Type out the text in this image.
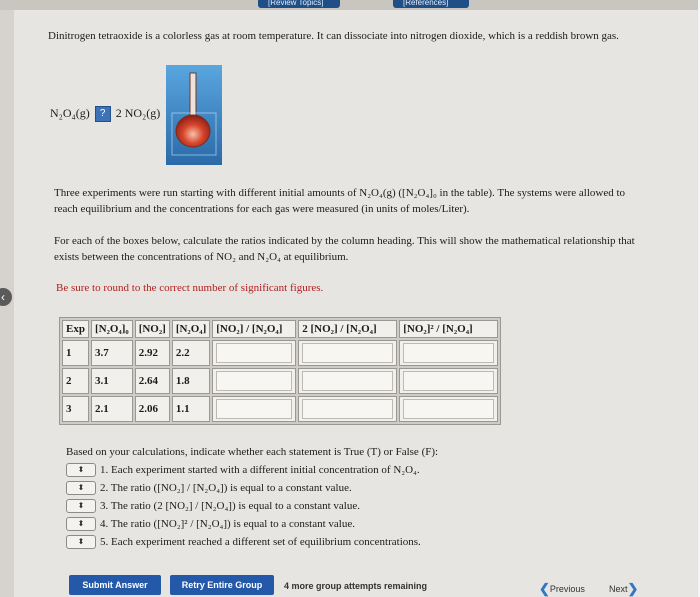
[Review Topics]	[References]
Dinitrogen tetraoxide is a colorless gas at room temperature. It can dissociate into nitrogen dioxide, which is a reddish brown gas.
N₂O₄(g) ? 2 NO₂(g)
Three experiments were run starting with different initial amounts of N₂O₄(g) ([N₂O₄]₀ in the table). The systems were allowed to reach equilibrium and the concentrations for each gas were measured (in units of moles/Liter).
For each of the boxes below, calculate the ratios indicated by the column heading. This will show the mathematical relationship that exists between the concentrations of NO₂ and N₂O₄ at equilibrium.
Be sure to round to the correct number of significant figures.
Exp	[N₂O₄]₀	[NO₂]	[N₂O₄]	[NO₂] / [N₂O₄]	2 [NO₂] / [N₂O₄]	[NO₂]² / [N₂O₄]
1	3.7	2.92	2.2	

2	3.1	2.64	1.8	

3	2.1	2.06	1.1	

Based on your calculations, indicate whether each statement is True (T) or False (F):
⬍	1. Each experiment started with a different initial concentration of N₂O₄.
⬍	2. The ratio ([NO₂] / [N₂O₄]) is equal to a constant value.
⬍	3. The ratio (2 [NO₂] / [N₂O₄]) is equal to a constant value.
⬍	4. The ratio ([NO₂]² / [N₂O₄]) is equal to a constant value.
⬍	5. Each experiment reached a different set of equilibrium concentrations.
Submit Answer	Retry Entire Group	4 more group attempts remaining	❮Previous	Next❯
‹
